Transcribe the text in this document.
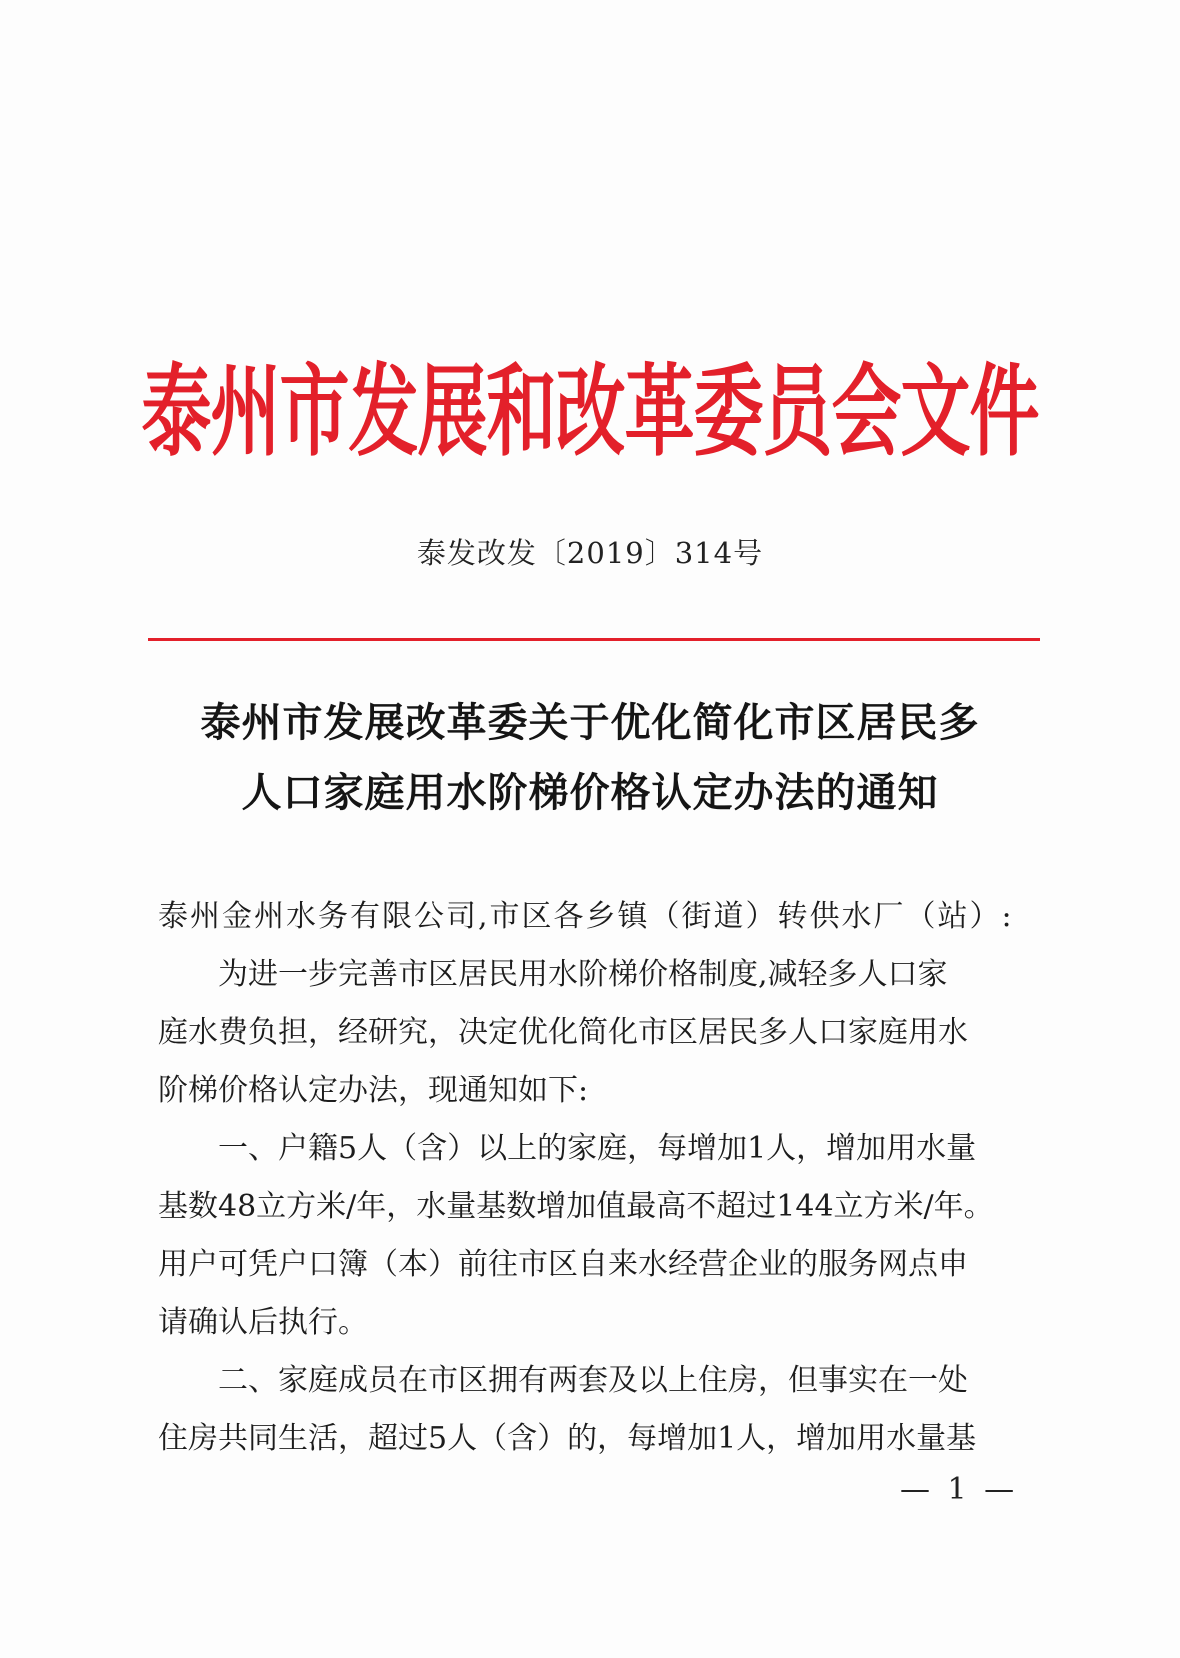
泰州市发展和改革委员会文件
泰发改发〔2019〕314号
泰州市发展改革委关于优化简化市区居民多
人口家庭用水阶梯价格认定办法的通知

泰州金州水务有限公司,市区各乡镇（街道）转供水厂（站）:

为进一步完善市区居民用水阶梯价格制度,减轻多人口家
庭水费负担，经研究，决定优化简化市区居民多人口家庭用水
阶梯价格认定办法，现通知如下:

一、户籍5人（含）以上的家庭，每增加1人，增加用水量
基数48立方米/年，水量基数增加值最高不超过144立方米/年。
用户可凭户口簿（本）前往市区自来水经营企业的服务网点申
请确认后执行。

二、家庭成员在市区拥有两套及以上住房，但事实在一处
住房共同生活，超过5人（含）的，每增加1人，增加用水量基

— 1 —
